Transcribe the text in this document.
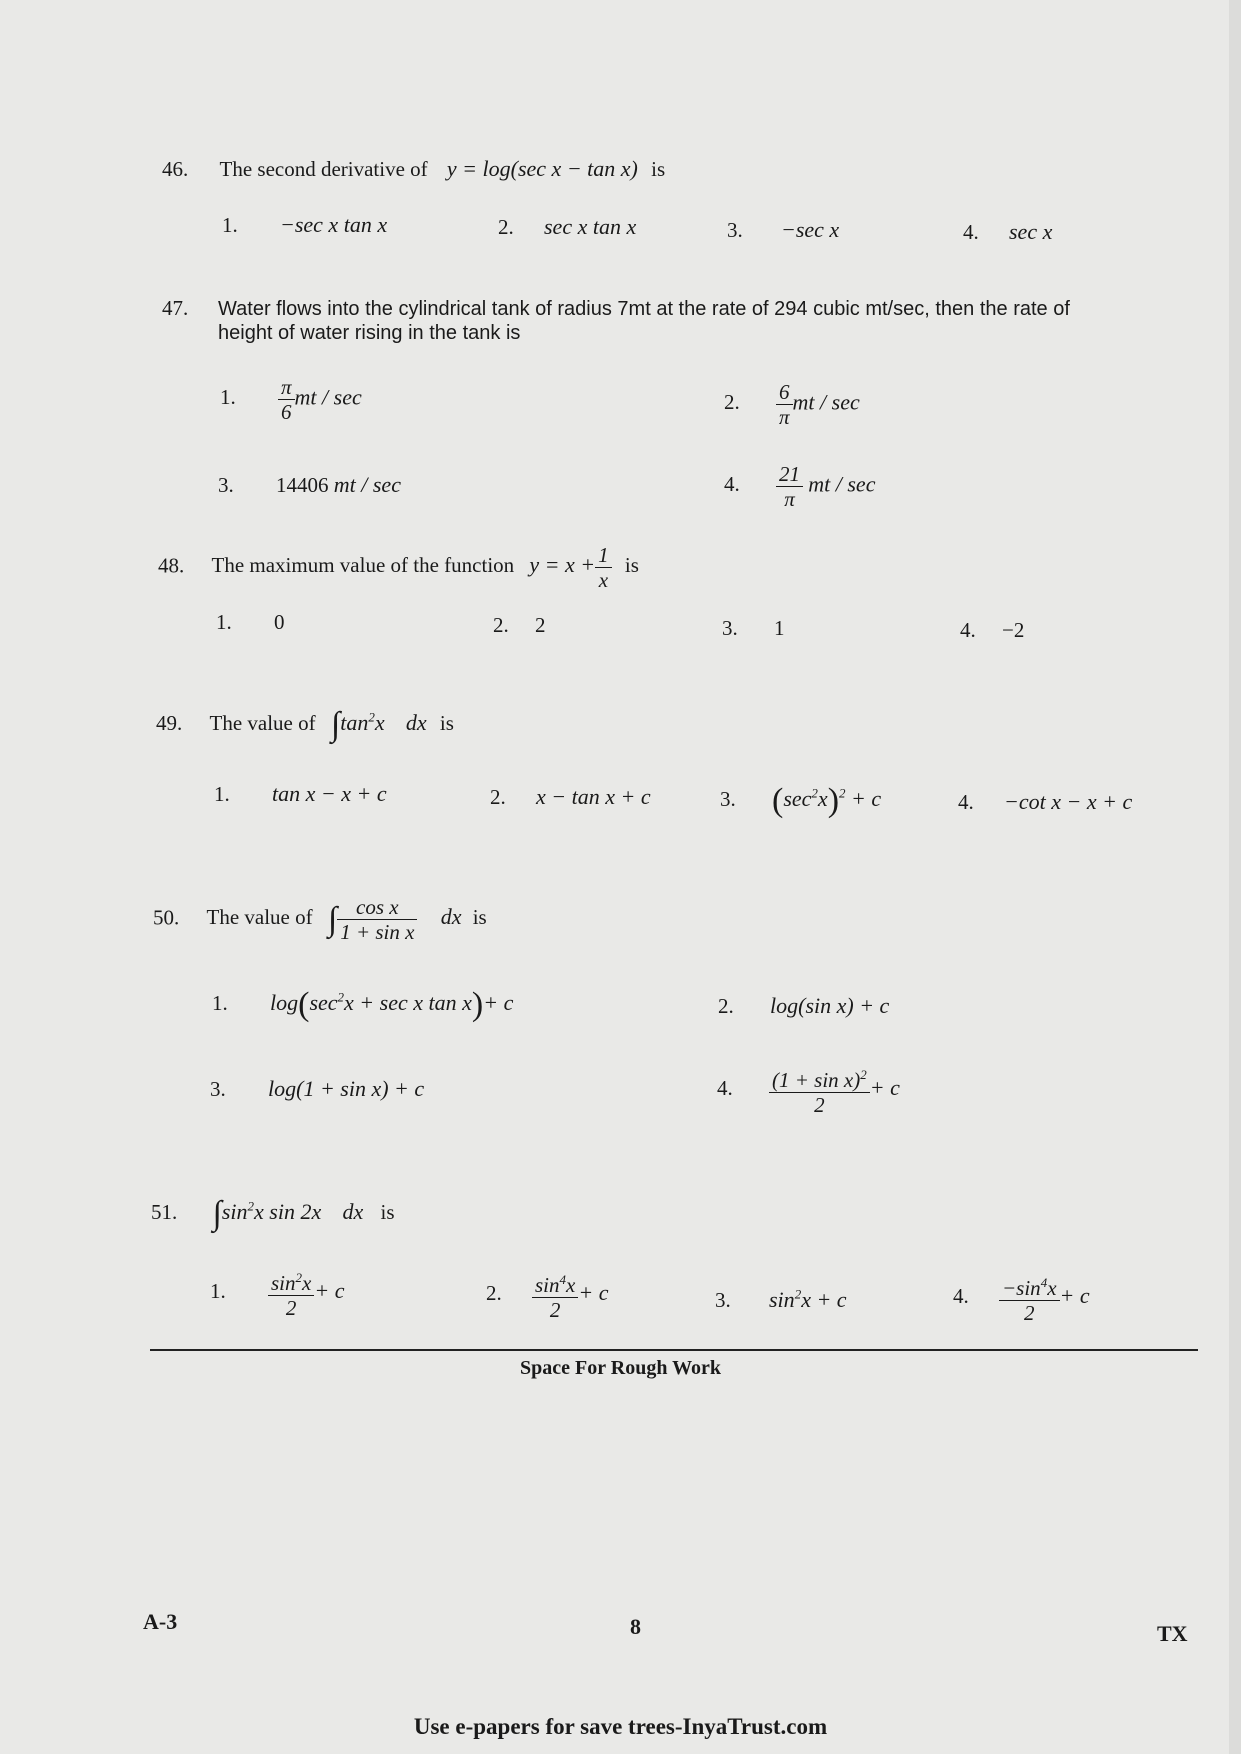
46. The second derivative of y = log(sec x − tan x) is
1. −sec x tan x	2. sec x tan x	3. −sec x	4. sec x
47. Water flows into the cylindrical tank of radius 7mt at the rate of 294 cubic mt/sec, then the rate of
height of water rising in the tank is
1. $\frac{\pi}{6}$ mt / sec	2. $\frac{6}{\pi}$ mt / sec
3. 14406 mt / sec	4. $\frac{21}{\pi}$ mt / sec
48. The maximum value of the function $y = x + \frac{1}{x}$ is
1. 0	2. 2	3. 1	4. −2
49. The value of $\int\tan^2x$ dx is
1. tan x − x + c	2. x − tan x + c	3. $(\sec^2x)^2 + c$	4. −cot x − x + c
50. The value of ∫ $\frac{\text{cos x}}{\text{1 + sin x}}$ dx is
1. $\log(\sec^2x + \sec x$ tan x)+ c	2. log(sin x) + c
3. log(1 + sin x) + c	4. $\frac{(1 + \sin x)^2}{2} + c$
51. $\int\sin^2x$ sin 2x dx is
1. $\frac{\sin^2x}{2} + c$	2. $\frac{\sin^4x}{2} + c$	3. $\sin^2x + c$	4. $\frac{-\sin^4x}{2} + c$
Space For Rough Work
A-3	8	TX
Use e-papers for save trees-InyaTrust.com
